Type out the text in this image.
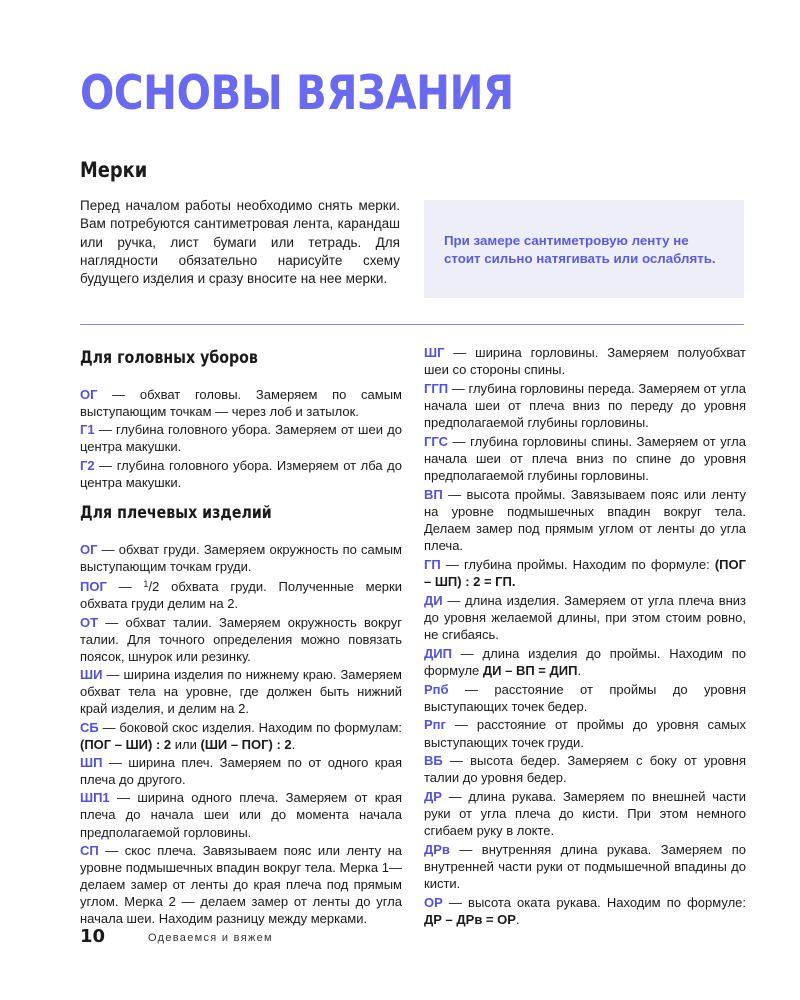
ОСНОВЫ ВЯЗАНИЯ
Мерки

Перед началом работы необходимо снять мерки. Вам потребуются сантиметровая лента, карандаш или ручка, лист бумаги или тетрадь. Для наглядности обязательно нарисуйте схему будущего изделия и сразу вносите на нее мерки.

При замере сантиметровую ленту не стоит сильно натягивать или ослаблять.

Для головных уборов

ОГ — обхват головы. Замеряем по самым выступающим точкам — через лоб и затылок.

Г1 — глубина головного убора. Замеряем от шеи до центра макушки.

Г2 — глубина головного убора. Измеряем от лба до центра макушки.

Для плечевых изделий

ОГ — обхват груди. Замеряем окружность по самым выступающим точкам груди.

ПОГ — $^1$/2 обхвата груди. Полученные мерки обхвата груди делим на 2.

ОТ — обхват талии. Замеряем окружность вокруг талии. Для точного определения можно повязать поясок, шнурок или резинку.

ШИ — ширина изделия по нижнему краю. Замеряем обхват тела на уровне, где должен быть нижний край изделия, и делим на 2.

СБ — боковой скос изделия. Находим по формулам: (ПОГ – ШИ) : 2 или (ШИ – ПОГ) : 2.

ШП — ширина плеч. Замеряем по от одного края плеча до другого.

ШП1 — ширина одного плеча. Замеряем от края плеча до начала шеи или до момента начала предполагаемой горловины.

СП — скос плеча. Завязываем пояс или ленту на уровне подмышечных впадин вокруг тела. Мерка 1— делаем замер от ленты до края плеча под прямым углом. Мерка 2 — делаем замер от ленты до угла начала шеи. Находим разницу между мерками.

ШГ — ширина горловины. Замеряем полуобхват шеи со стороны спины.

ГГП — глубина горловины переда. Замеряем от угла начала шеи от плеча вниз по переду до уровня предполагаемой глубины горловины.

ГГС — глубина горловины спины. Замеряем от угла начала шеи от плеча вниз по спине до уровня предполагаемой глубины горловины.

ВП — высота проймы. Завязываем пояс или ленту на уровне подмышечных впадин вокруг тела. Делаем замер под прямым углом от ленты до угла плеча.

ГП — глубина проймы. Находим по формуле: (ПОГ – ШП) : 2 = ГП.

ДИ — длина изделия. Замеряем от угла плеча вниз до уровня желаемой длины, при этом стоим ровно, не сгибаясь.

ДИП — длина изделия до проймы. Находим по формуле ДИ – ВП = ДИП.

Рпб — расстояние от проймы до уровня выступающих точек бедер.

Рпг — расстояние от проймы до уровня самых выступающих точек груди.

ВБ — высота бедер. Замеряем с боку от уровня талии до уровня бедер.

ДР — длина рукава. Замеряем по внешней части руки от угла плеча до кисти. При этом немного сгибаем руку в локте.

ДРв — внутренняя длина рукава. Замеряем по внутренней части руки от подмышечной впадины до кисти.

ОР — высота оката рукава. Находим по формуле: ДР – ДРв = ОР.

10	Одеваемся и вяжем
